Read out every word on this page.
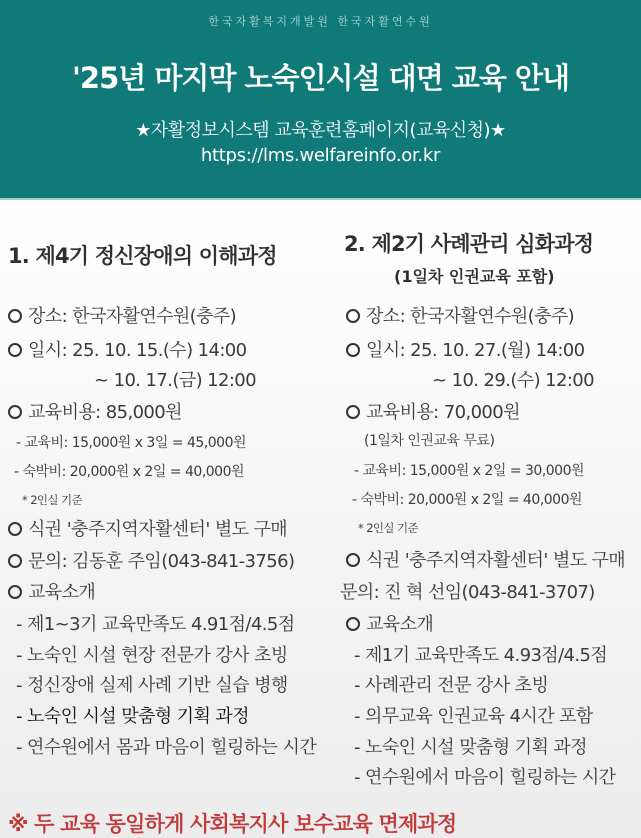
한국자활복지개발원 한국자활연수원
'25년 마지막 노숙인시설 대면 교육 안내
★자활정보시스템 교육훈련홈페이지(교육신청)★
https://lms.welfareinfo.or.kr
1. 제4기 정신장애의 이해과정
장소: 한국자활연수원(충주)
일시: 25. 10. 15.(수) 14:00
~ 10. 17.(금) 12:00
교육비용: 85,000원
- 교육비: 15,000원 x 3일 = 45,000원
- 숙박비: 20,000원 x 2일 = 40,000원
* 2인실 기준
식권 '충주지역자활센터' 별도 구매
문의: 김동훈 주임(043-841-3756)
교육소개
- 제1~3기 교육만족도 4.91점/4.5점
- 노숙인 시설 현장 전문가 강사 초빙
- 정신장애 실제 사례 기반 실습 병행
- 노숙인 시설 맞춤형 기획 과정
- 연수원에서 몸과 마음이 힐링하는 시간
2. 제2기 사례관리 심화과정
(1일차 인권교육 포함)
장소: 한국자활연수원(충주)
일시: 25. 10. 27.(월) 14:00
~ 10. 29.(수) 12:00
교육비용: 70,000원
(1일차 인권교육 무료)
- 교육비: 15,000원 x 2일 = 30,000원
- 숙박비: 20,000원 x 2일 = 40,000원
* 2인실 기준
식권 '충주지역자활센터' 별도 구매
문의: 진 혁 선임(043-841-3707)
교육소개
- 제1기 교육만족도 4.93점/4.5점
- 사례관리 전문 강사 초빙
- 의무교육 인권교육 4시간 포함
- 노숙인 시설 맞춤형 기획 과정
- 연수원에서 마음이 힐링하는 시간
※ 두 교육 동일하게 사회복지사 보수교육 면제과정
